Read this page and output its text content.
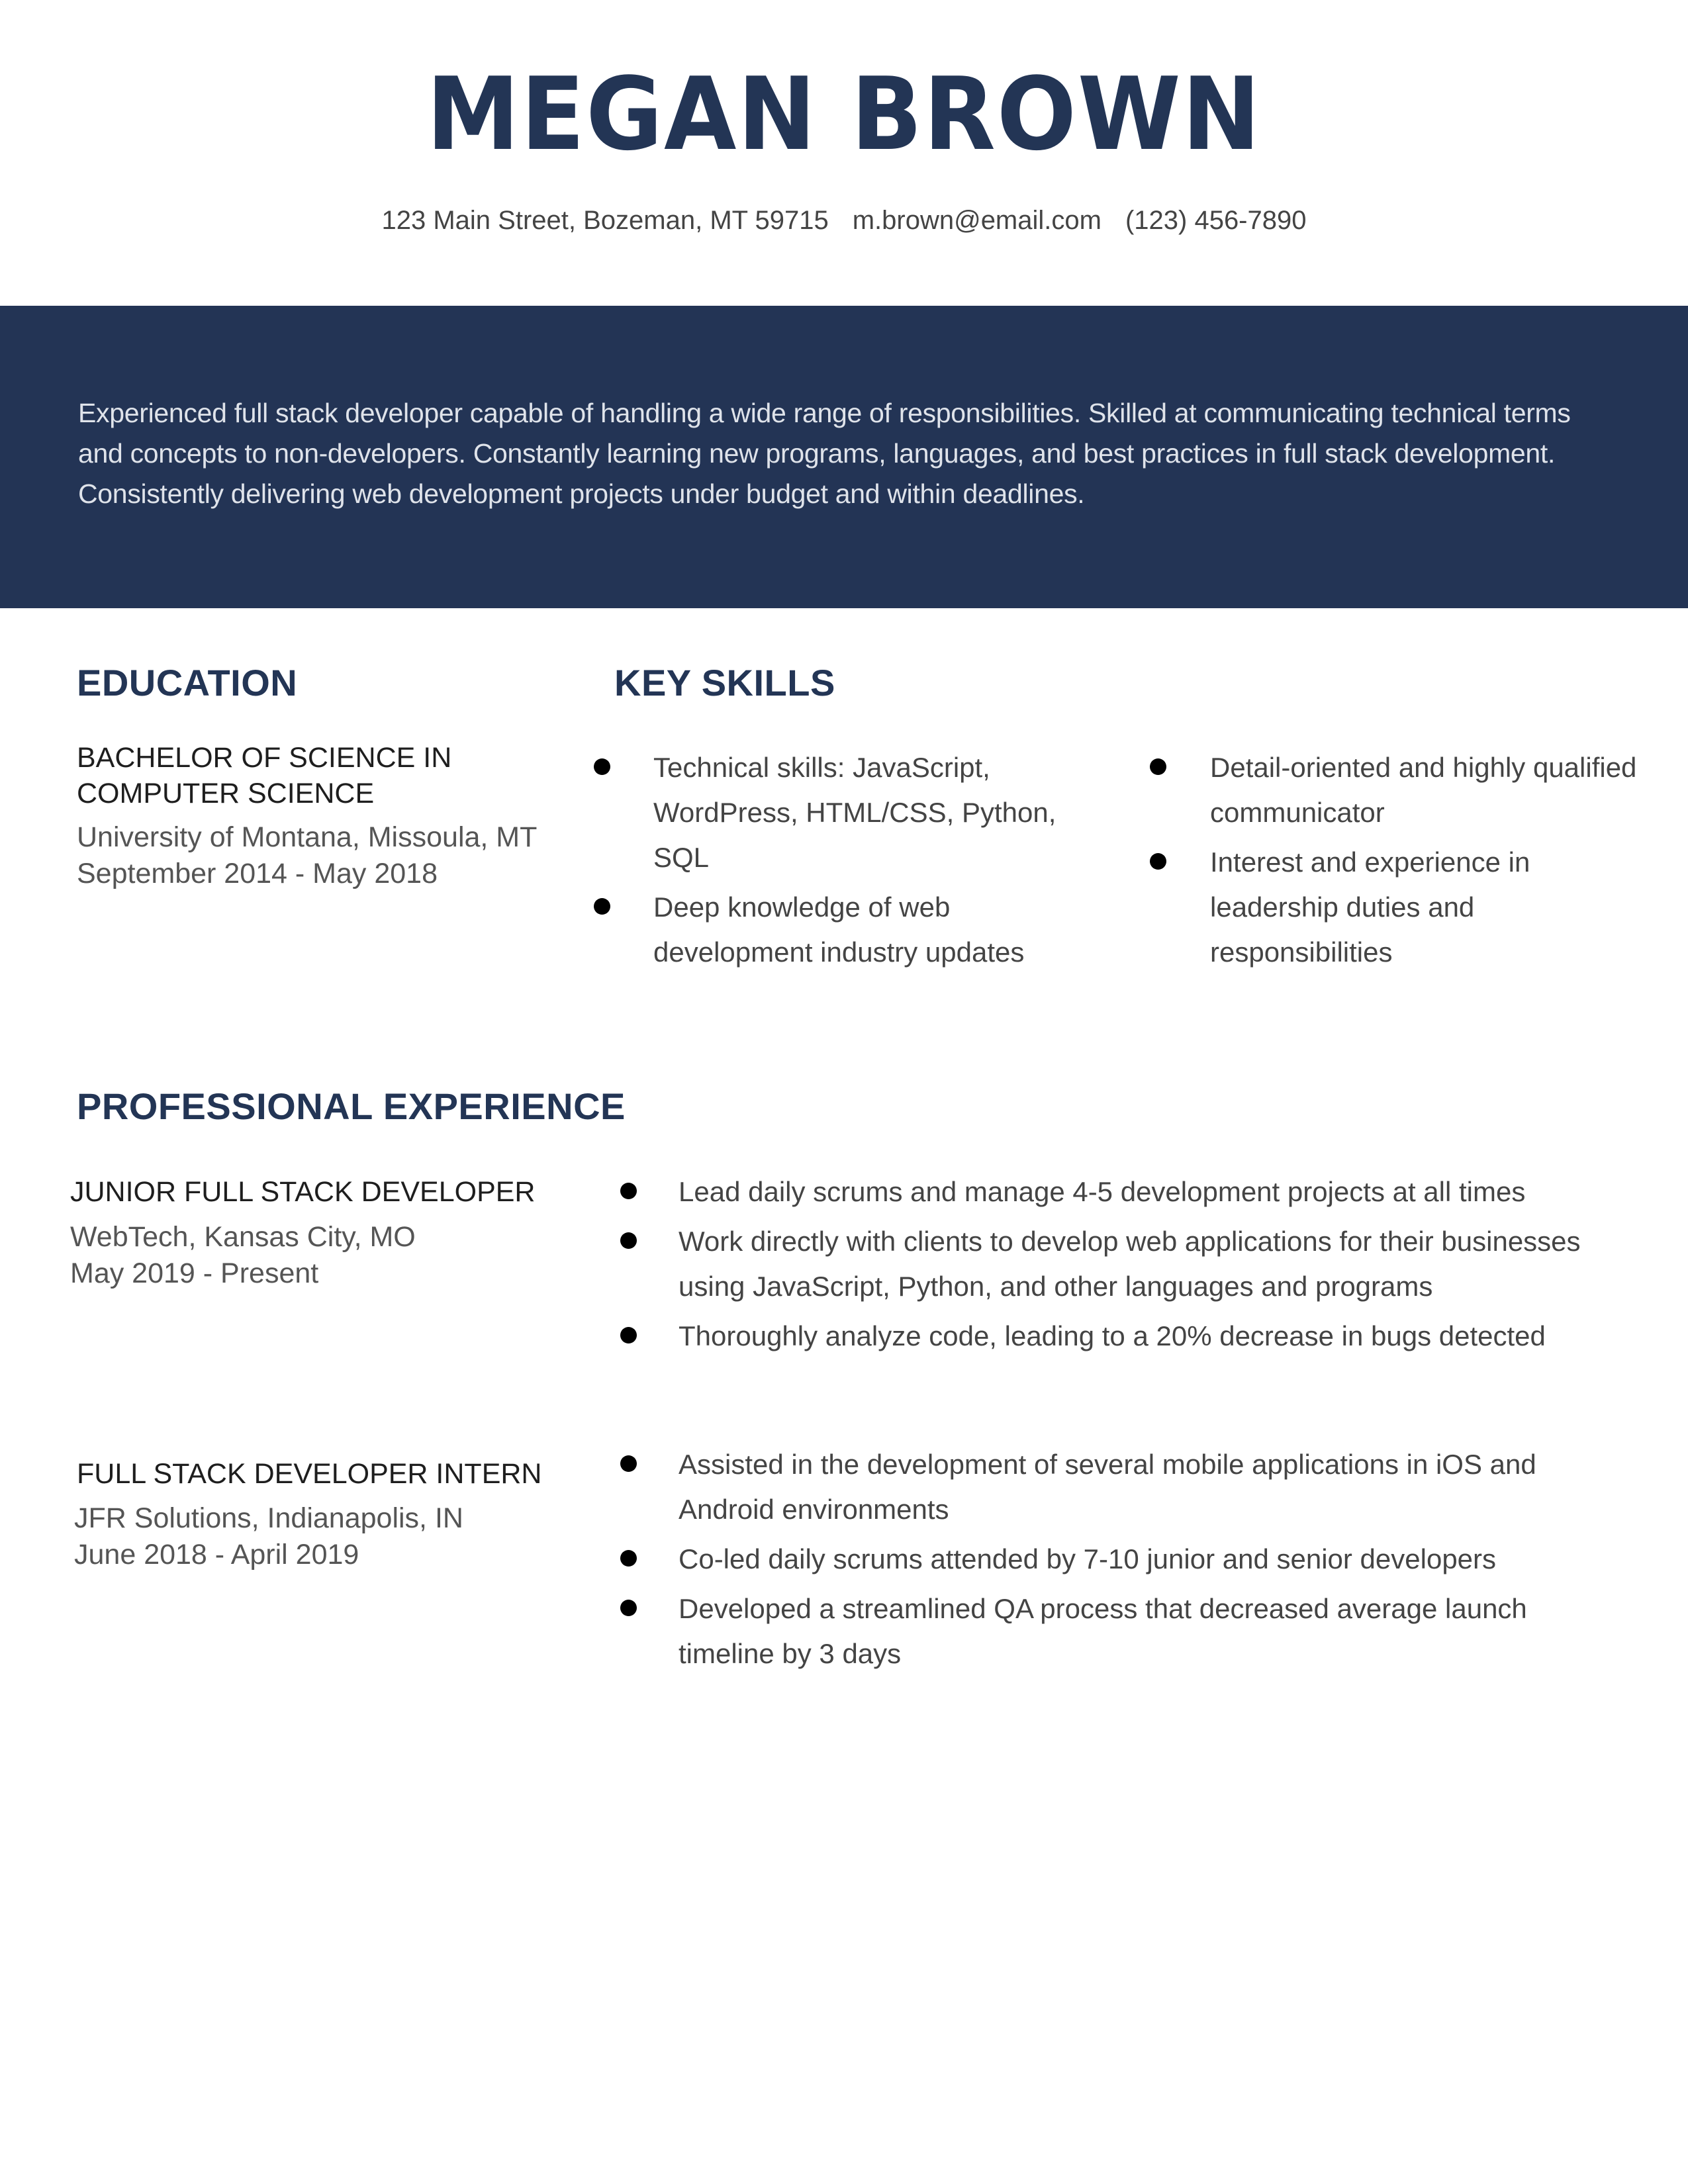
MEGAN BROWN
123 Main Street, Bozeman, MT 59715 m.brown@email.com (123) 456-7890
Experienced full stack developer capable of handling a wide range of responsibilities. Skilled at communicating technical terms and concepts to non-developers. Constantly learning new programs, languages, and best practices in full stack development. Consistently delivering web development projects under budget and within deadlines.
EDUCATION
BACHELOR OF SCIENCE IN COMPUTER SCIENCE
University of Montana, Missoula, MT
September 2014 - May 2018
KEY SKILLS
Technical skills: JavaScript, WordPress, HTML/CSS, Python, SQL
Deep knowledge of web development industry updates
Detail-oriented and highly qualified communicator
Interest and experience in leadership duties and responsibilities
PROFESSIONAL EXPERIENCE
JUNIOR FULL STACK DEVELOPER
WebTech, Kansas City, MO
May 2019 - Present
Lead daily scrums and manage 4-5 development projects at all times
Work directly with clients to develop web applications for their businesses using JavaScript, Python, and other languages and programs
Thoroughly analyze code, leading to a 20% decrease in bugs detected
FULL STACK DEVELOPER INTERN
JFR Solutions, Indianapolis, IN
June 2018 - April 2019
Assisted in the development of several mobile applications in iOS and Android environments
Co-led daily scrums attended by 7-10 junior and senior developers
Developed a streamlined QA process that decreased average launch timeline by 3 days
